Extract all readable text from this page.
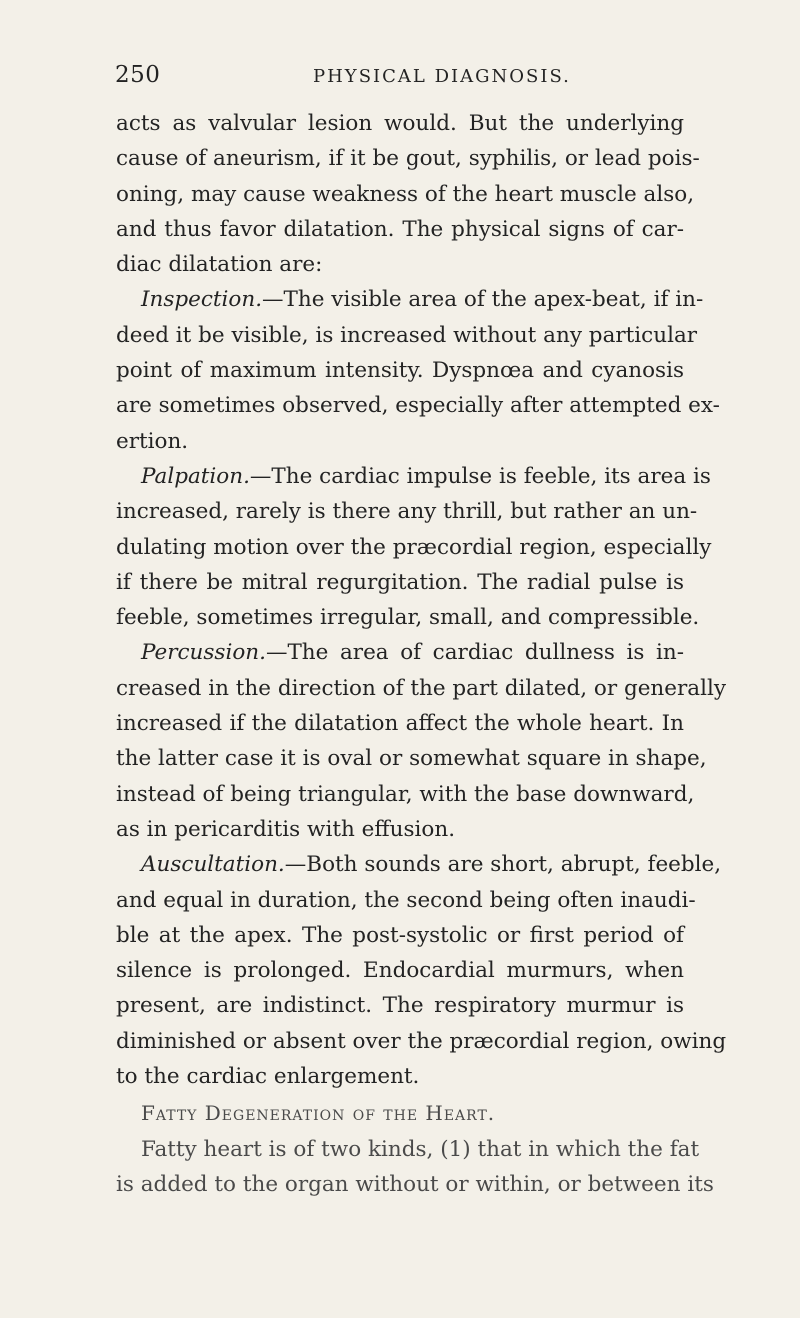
250	PHYSICAL DIAGNOSIS.
acts as valvular lesion would. But the underlying
cause of aneurism, if it be gout, syphilis, or lead pois-
oning, may cause weakness of the heart muscle also,
and thus favor dilatation. The physical signs of car-
diac dilatation are:
Inspection.—The visible area of the apex-beat, if in-
deed it be visible, is increased without any particular
point of maximum intensity. Dyspnœa and cyanosis
are sometimes observed, especially after attempted ex-
ertion.
Palpation.—The cardiac impulse is feeble, its area is
increased, rarely is there any thrill, but rather an un-
dulating motion over the præcordial region, especially
if there be mitral regurgitation. The radial pulse is
feeble, sometimes irregular, small, and compressible.
Percussion.—The area of cardiac dullness is in-
creased in the direction of the part dilated, or generally
increased if the dilatation affect the whole heart. In
the latter case it is oval or somewhat square in shape,
instead of being triangular, with the base downward,
as in pericarditis with effusion.
Auscultation.—Both sounds are short, abrupt, feeble,
and equal in duration, the second being often inaudi-
ble at the apex. The post-systolic or first period of
silence is prolonged. Endocardial murmurs, when
present, are indistinct. The respiratory murmur is
diminished or absent over the præcordial region, owing
to the cardiac enlargement.
Fatty Degeneration of the Heart.
Fatty heart is of two kinds, (1) that in which the fat
is added to the organ without or within, or between its
